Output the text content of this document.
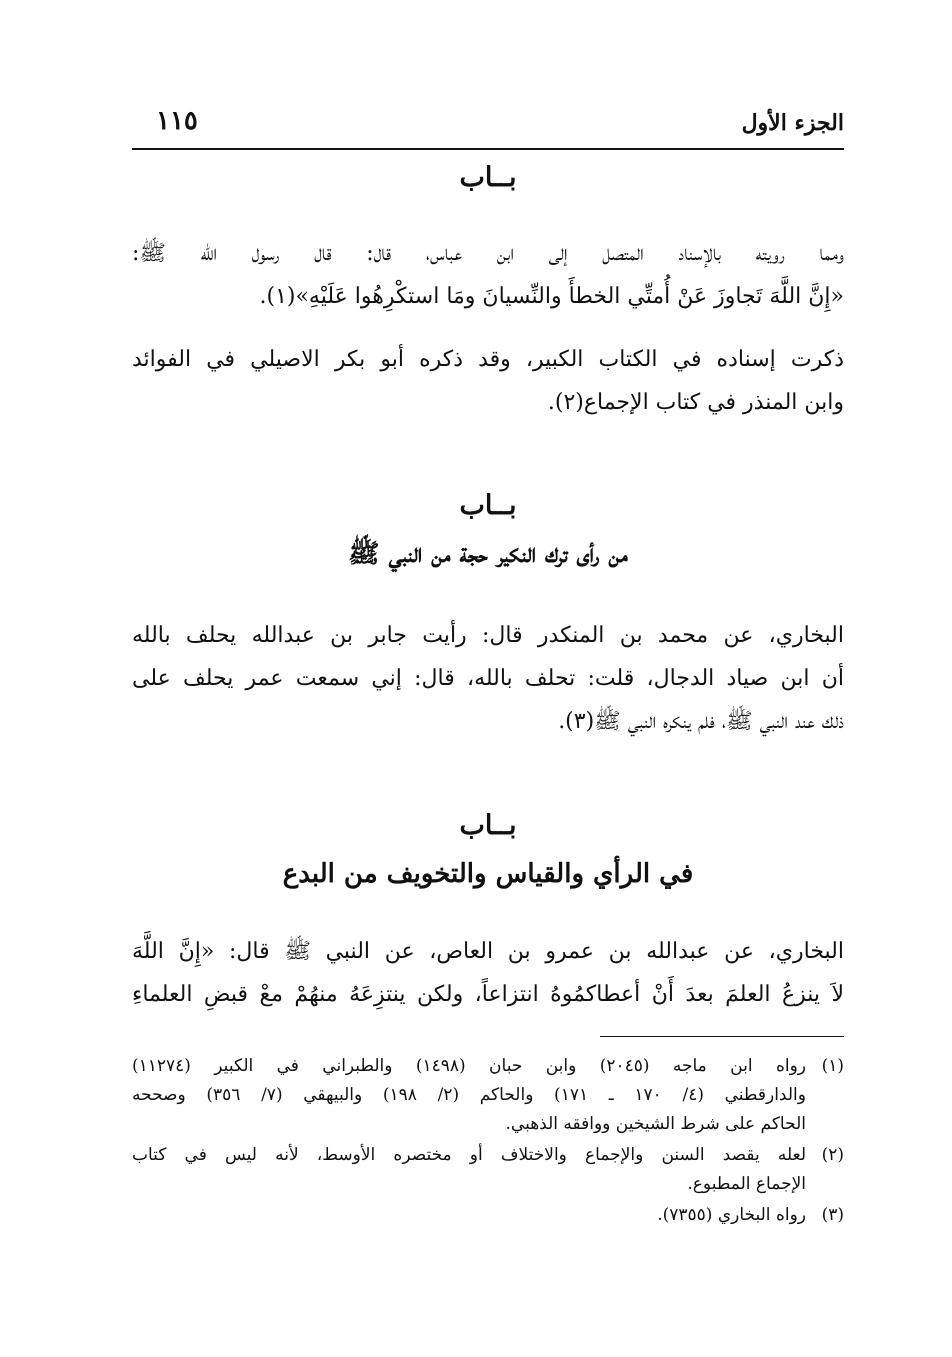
الجزء الأول
١١٥
بــاب
ومما رويته بالإسناد المتصل إلى ابن عباس، قال: قال رسول الله ﷺ:
«إِنَّ اللَّهَ تَجاوزَ عَنْ أُمتِّي الخطأَ والنِّسيانَ ومَا استكْرِهُوا عَلَيْهِ»(١).
ذكرت إسناده في الكتاب الكبير، وقد ذكره أبو بكر الاصيلي في الفوائد
وابن المنذر في كتاب الإجماع(٢).
بــاب
من رأى ترك النكير حجة من النبي ﷺ
البخاري، عن محمد بن المنكدر قال: رأيت جابر بن عبدالله يحلف بالله
أن ابن صياد الدجال، قلت: تحلف بالله، قال: إني سمعت عمر يحلف على
ذلك عند النبي ﷺ، فلم ينكره النبي ﷺ(٣).
بــاب
في الرأي والقياس والتخويف من البدع
البخاري، عن عبدالله بن عمرو بن العاص، عن النبي ﷺ قال: «إِنَّ اللَّهَ
لاَ ينزعُ العلمَ بعدَ أَنْ أعطاكمُوهُ انتزاعاً، ولكن ينتزِعَهُ منهُمْ معْ قبضِ العلماءِ
(١)
رواه ابن ماجه (٢٠٤٥) وابن حبان (١٤٩٨) والطبراني في الكبير (١١٢٧٤)
والدارقطني (٤/ ١٧٠ ـ ١٧١) والحاكم (٢/ ١٩٨) والبيهقي (٧/ ٣٥٦) وصححه
الحاكم على شرط الشيخين ووافقه الذهبي.
(٢)
لعله يقصد السنن والإجماع والاختلاف أو مختصره الأوسط، لأنه ليس في كتاب
الإجماع المطبوع.
(٣)
رواه البخاري (٧٣٥٥).
